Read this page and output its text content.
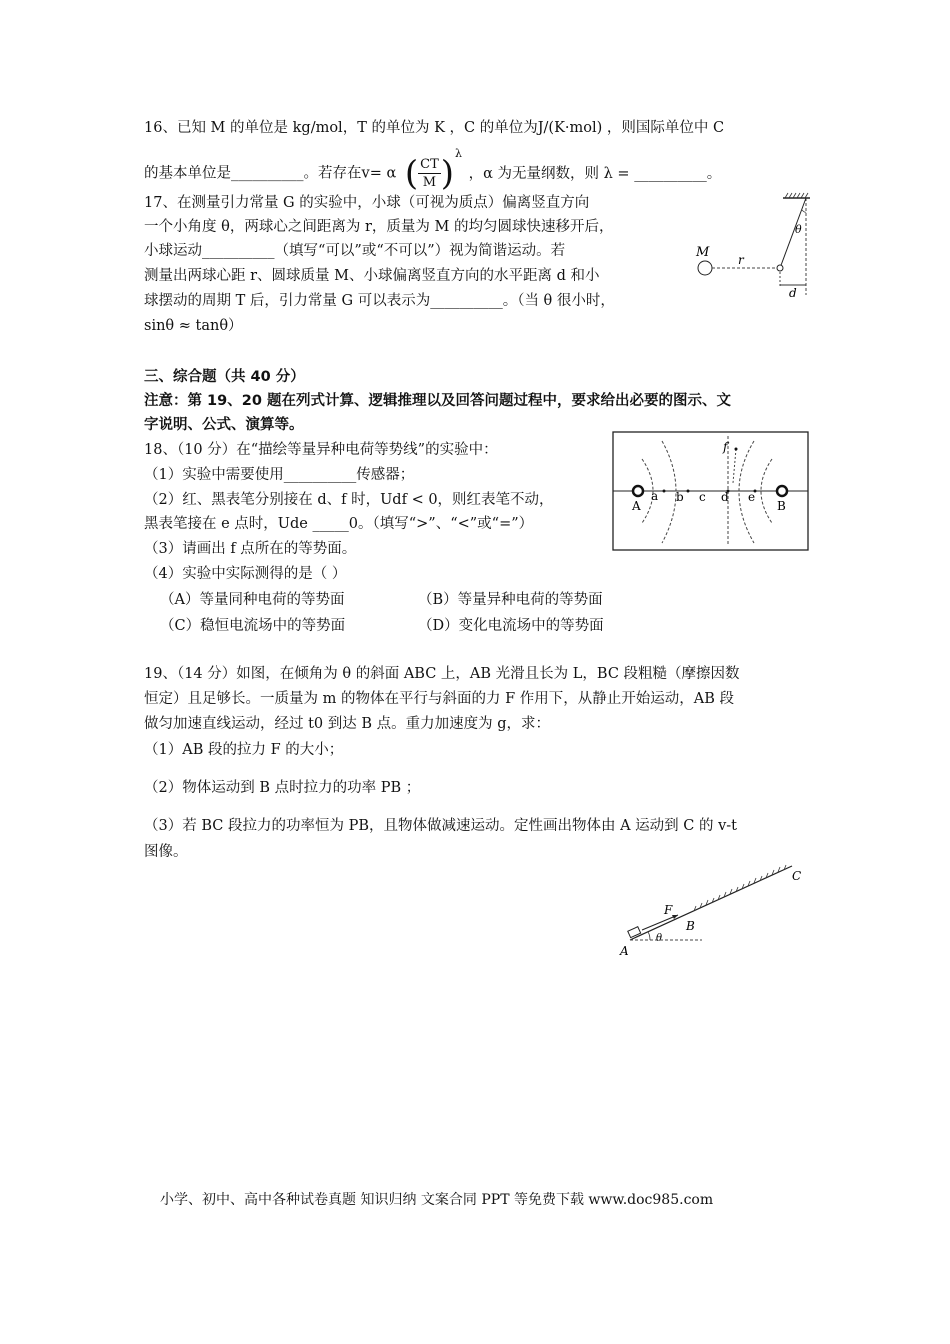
16、已知 M 的单位是 kg/mol，T 的单位为 K ，C 的单位为J/(K·mol) ，则国际单位中 C
的基本单位是__________。若存在v= α ( $\frac{CT}{M}$ ) λ
，α 为无量纲数，则 λ = __________。
17、在测量引力常量 G 的实验中，小球（可视为质点）偏离竖直方向
一个小角度 θ，两球心之间距离为 r，质量为 M 的均匀圆球快速移开后，
小球运动__________（填写“可以”或“不可以”）视为简谐运动。若
测量出两球心距 r、圆球质量 M、小球偏离竖直方向的水平距离 d 和小
球摆动的周期 T 后，引力常量 G 可以表示为__________。（当 θ 很小时，
sinθ ≈ tanθ）
M r
θ
d
三、综合题（共 40 分）
注意：第 19、20 题在列式计算、逻辑推理以及回答问题过程中，要求给出必要的图示、文
字说明、公式、演算等。
18、（10 分）在“描绘等量异种电荷等势线”的实验中：
（1）实验中需要使用__________传感器；
（2）红、黑表笔分别接在 d、f 时，Udf < 0，则红表笔不动，
黑表笔接在 e 点时，Ude _____0。（填写“>”、“<”或“=”）
（3）请画出 f 点所在的等势面。
（4）实验中实际测得的是（ ）
（A）等量同种电荷的等势面	（B）等量异种电荷的等势面
（C）稳恒电流场中的等势面	（D）变化电流场中的等势面
A	B
a b c d e
f
19、（14 分）如图，在倾角为 θ 的斜面 ABC 上，AB 光滑且长为 L，BC 段粗糙（摩擦因数
恒定）且足够长。一质量为 m 的物体在平行与斜面的力 F 作用下，从静止开始运动，AB 段
做匀加速直线运动，经过 t0 到达 B 点。重力加速度为 g，求：
（1）AB 段的拉力 F 的大小；
（2）物体运动到 B 点时拉力的功率 PB ；
（3）若 BC 段拉力的功率恒为 PB，且物体做减速运动。定性画出物体由 A 运动到 C 的 v-t
图像。
A
B
C
F
θ
小学、初中、高中各种试卷真题 知识归纳 文案合同 PPT 等免费下载 www.doc985.com
